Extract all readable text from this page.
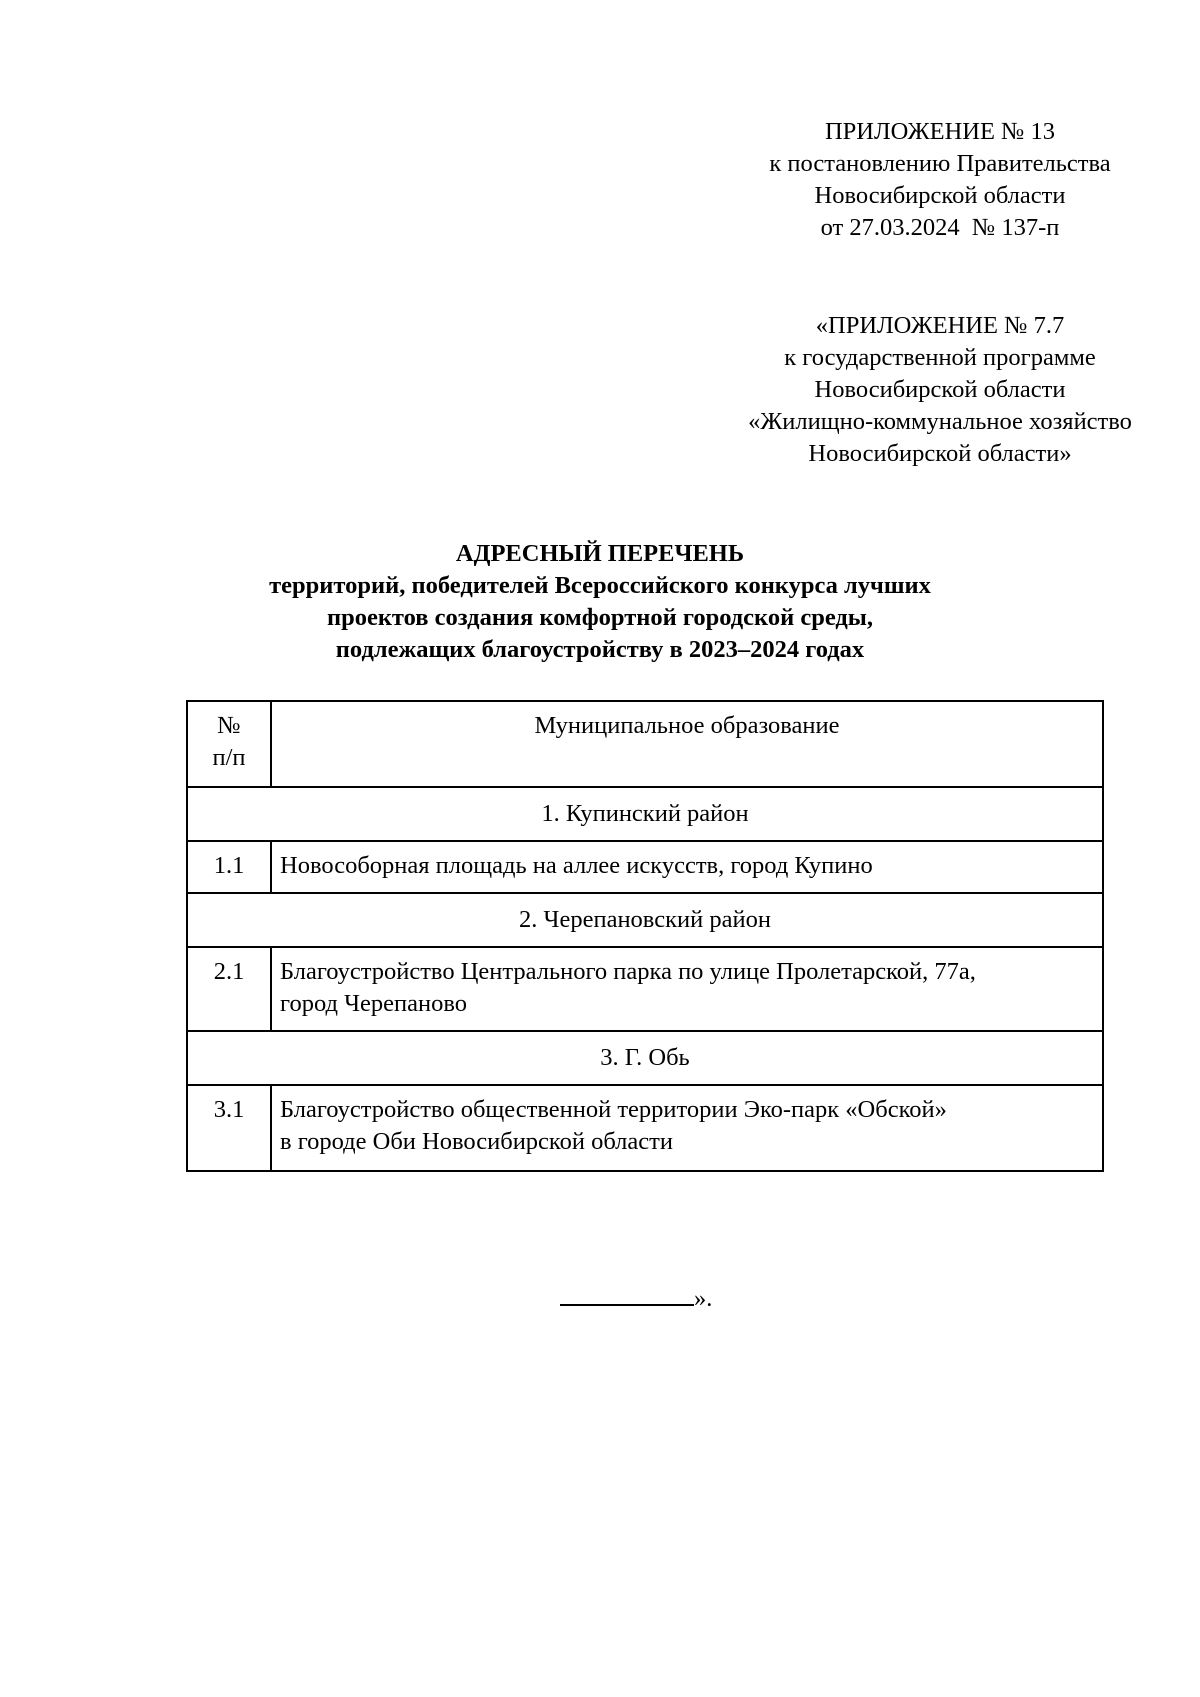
ПРИЛОЖЕНИЕ № 13
к постановлению Правительства
Новосибирской области
от 27.03.2024  № 137-п
«ПРИЛОЖЕНИЕ № 7.7
к государственной программе
Новосибирской области
«Жилищно-коммунальное хозяйство
Новосибирской области»
АДРЕСНЫЙ ПЕРЕЧЕНЬ
территорий, победителей Всероссийского конкурса лучших
проектов создания комфортной городской среды,
подлежащих благоустройству в 2023–2024 годах
№
п/п	Муниципальное образование
1. Купинский район	
1.1	Новособорная площадь на аллее искусств, город Купино

2. Черепановский район	
2.1	Благоустройство Центрального парка по улице Пролетарской, 77а,
город Черепаново

3. Г. Обь	
3.1	Благоустройство общественной территории Эко-парк «Обской»
в городе Оби Новосибирской области
».
